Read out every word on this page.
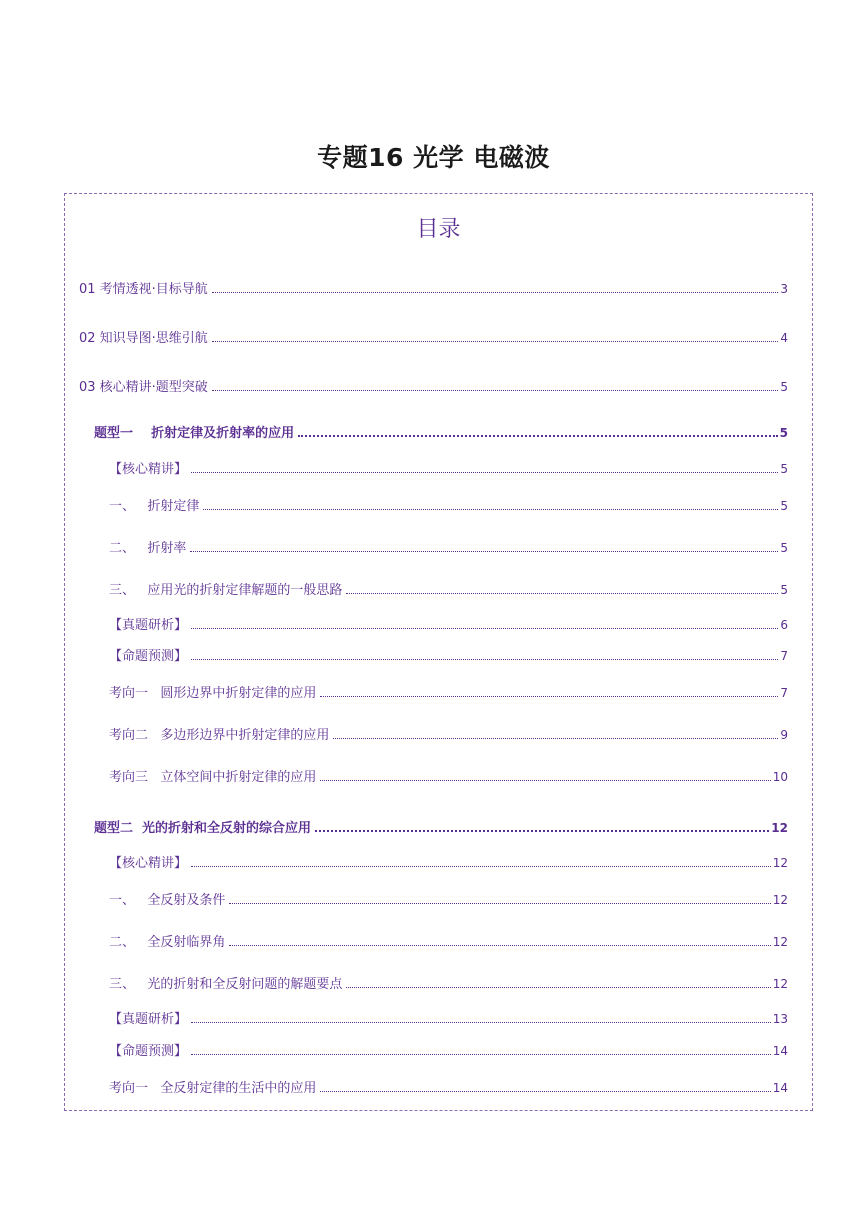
专题16 光学 电磁波
目录
01 考情透视·目标导航	3
02 知识导图·思维引航	4
03 核心精讲·题型突破	5
题型一    折射定律及折射率的应用	5
【核心精讲】	5
一、   折射定律	5
二、   折射率	5
三、   应用光的折射定律解题的一般思路	5
【真题研析】	6
【命题预测】	7
考向一   圆形边界中折射定律的应用	7
考向二   多边形边界中折射定律的应用	9
考向三   立体空间中折射定律的应用	10
题型二  光的折射和全反射的综合应用	12
【核心精讲】	12
一、   全反射及条件	12
二、   全反射临界角	12
三、   光的折射和全反射问题的解题要点	12
【真题研析】	13
【命题预测】	14
考向一   全反射定律的生活中的应用	14
